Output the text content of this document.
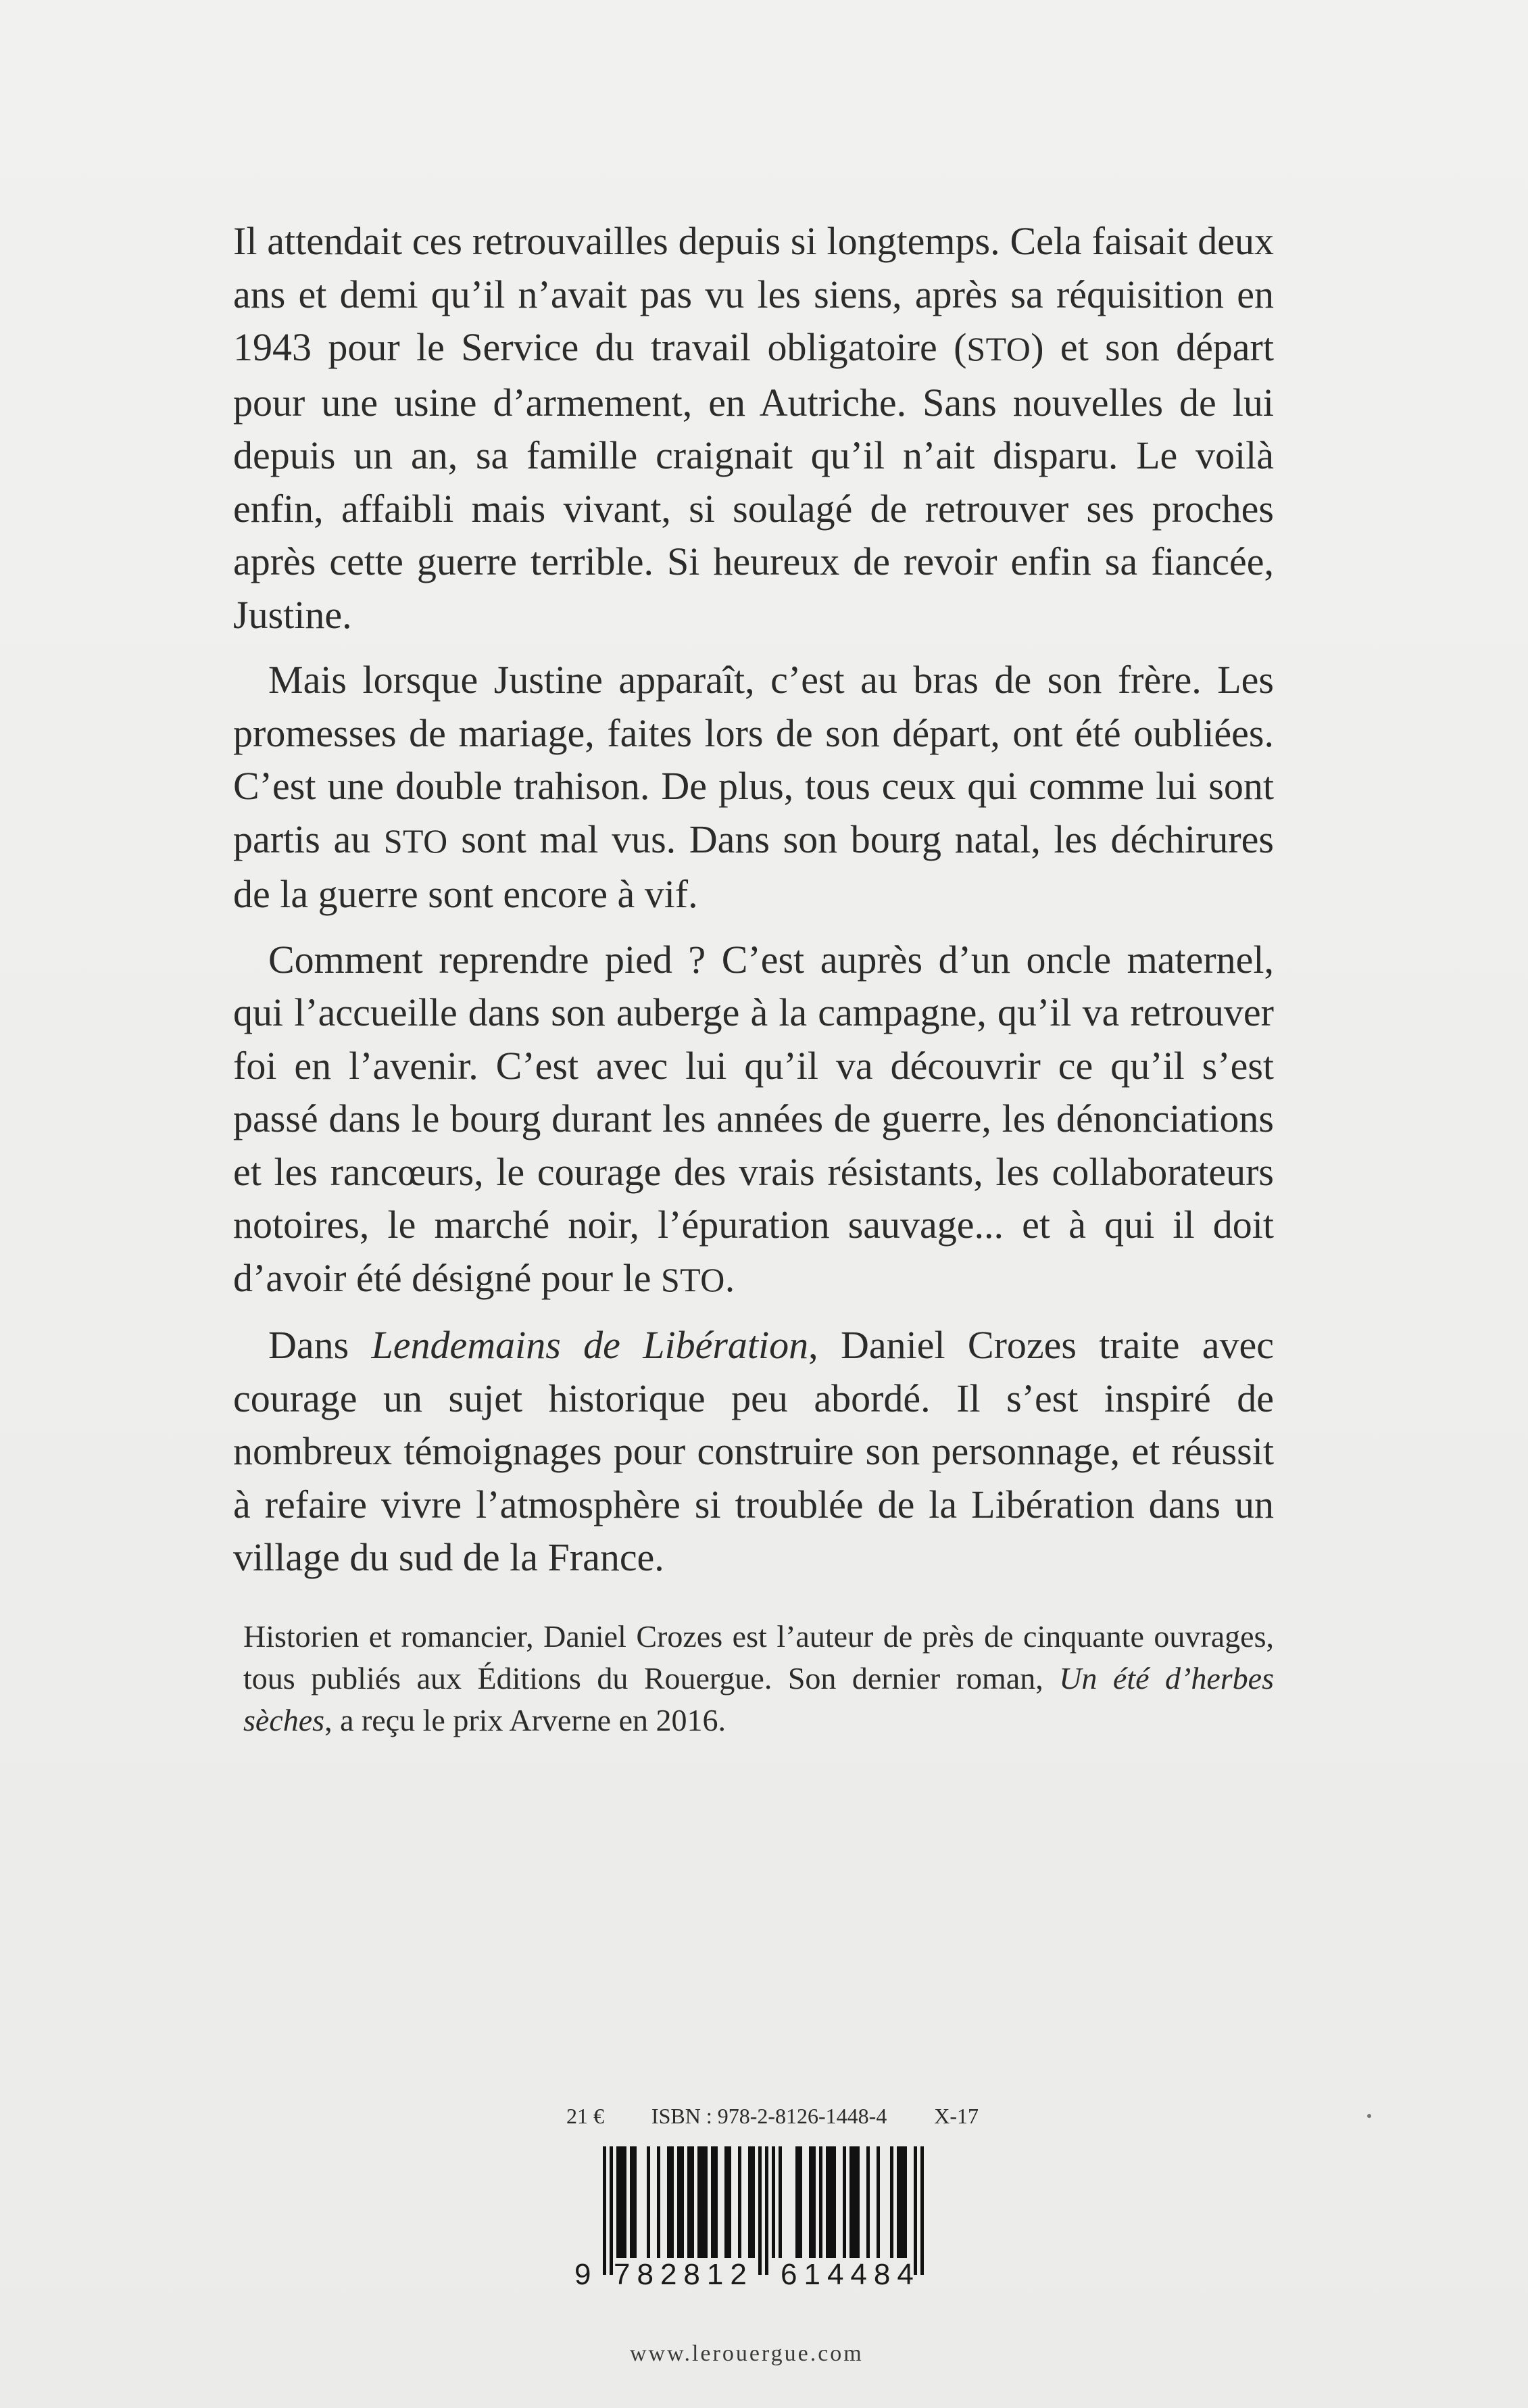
Il attendait ces retrouvailles depuis si longtemps. Cela faisait deux ans et demi qu’il n’avait pas vu les siens, après sa réquisition en 1943 pour le Service du travail obligatoire (STO) et son départ pour une usine d’armement, en Autriche. Sans nouvelles de lui depuis un an, sa famille craignait qu’il n’ait disparu. Le voilà enfin, affaibli mais vivant, si soulagé de retrouver ses proches après cette guerre terrible. Si heureux de revoir enfin sa fiancée, Justine.

Mais lorsque Justine apparaît, c’est au bras de son frère. Les promesses de mariage, faites lors de son départ, ont été oubliées. C’est une double trahison. De plus, tous ceux qui comme lui sont partis au STO sont mal vus. Dans son bourg natal, les déchirures de la guerre sont encore à vif.

Comment reprendre pied ? C’est auprès d’un oncle maternel, qui l’accueille dans son auberge à la campagne, qu’il va retrouver foi en l’avenir. C’est avec lui qu’il va découvrir ce qu’il s’est passé dans le bourg durant les années de guerre, les dénonciations et les rancœurs, le courage des vrais résistants, les collaborateurs notoires, le marché noir, l’épuration sauvage... et à qui il doit d’avoir été désigné pour le STO.

Dans Lendemains de Libération, Daniel Crozes traite avec courage un sujet historique peu abordé. Il s’est inspiré de nombreux témoignages pour construire son personnage, et réussit à refaire vivre l’atmosphère si troublée de la Libération dans un village du sud de la France.

Historien et romancier, Daniel Crozes est l’auteur de près de cinquante ouvrages, tous publiés aux Éditions du Rouergue. Son dernier roman, Un été d’herbes sèches, a reçu le prix Arverne en 2016.

21 € ISBN : 978-2-8126-1448-4 X-17
9 782812 614484
www.lerouergue.com
